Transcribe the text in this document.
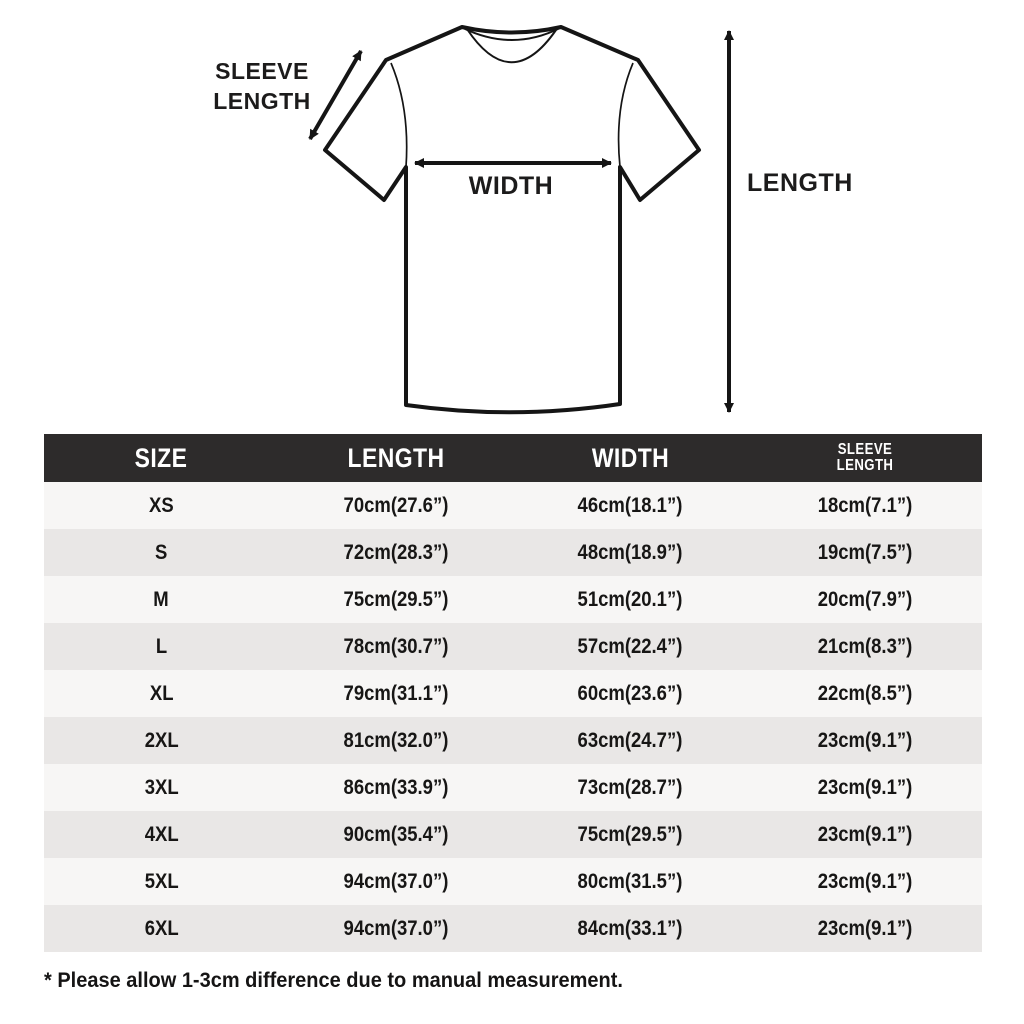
SLEEVE LENGTH
WIDTH	LENGTH
SIZE	LENGTH	WIDTH	SLEEVE LENGTH
XS	70cm(27.6”)	46cm(18.1”)	18cm(7.1”)
S	72cm(28.3”)	48cm(18.9”)	19cm(7.5”)
M	75cm(29.5”)	51cm(20.1”)	20cm(7.9”)
L	78cm(30.7”)	57cm(22.4”)	21cm(8.3”)
XL	79cm(31.1”)	60cm(23.6”)	22cm(8.5”)
2XL	81cm(32.0”)	63cm(24.7”)	23cm(9.1”)
3XL	86cm(33.9”)	73cm(28.7”)	23cm(9.1”)
4XL	90cm(35.4”)	75cm(29.5”)	23cm(9.1”)
5XL	94cm(37.0”)	80cm(31.5”)	23cm(9.1”)
6XL	94cm(37.0”)	84cm(33.1”)	23cm(9.1”)
* Please allow 1-3cm difference due to manual measurement.
